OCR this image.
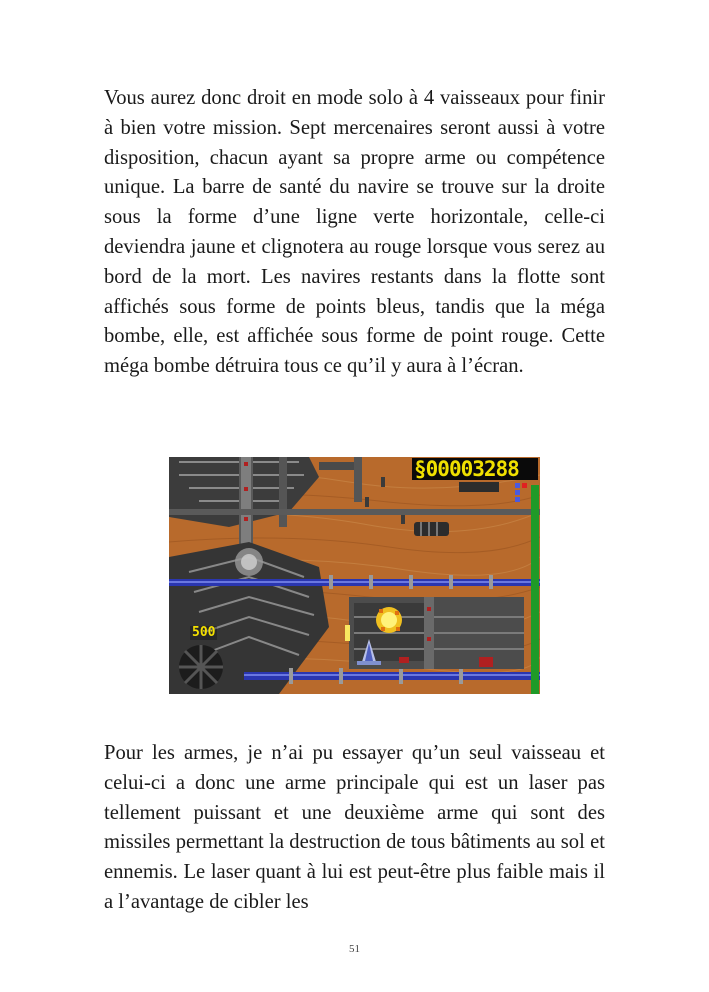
Vous aurez donc droit en mode solo à 4 vaisseaux pour finir à bien votre mission. Sept mercenaires seront aussi à votre disposition, chacun ayant sa propre arme ou compétence unique. La barre de santé du navire se trouve sur la droite sous la forme d’une ligne verte horizontale, celle-ci deviendra jaune et clignotera au rouge lorsque vous serez au bord de la mort. Les navires restants dans la flotte sont affichés sous forme de points bleus, tandis que la méga bombe, elle, est affichée sous forme de point rouge. Cette méga bombe détruira tous ce qu’il y aura à l’écran.

§00003288
500

Pour les armes, je n’ai pu essayer qu’un seul vaisseau et celui-ci a donc une arme principale qui est un laser pas tellement puissant et une deuxième arme qui sont des missiles permettant la destruction de tous bâtiments au sol et ennemis. Le laser quant à lui est peut-être plus faible mais il a l’avantage de cibler les

51
